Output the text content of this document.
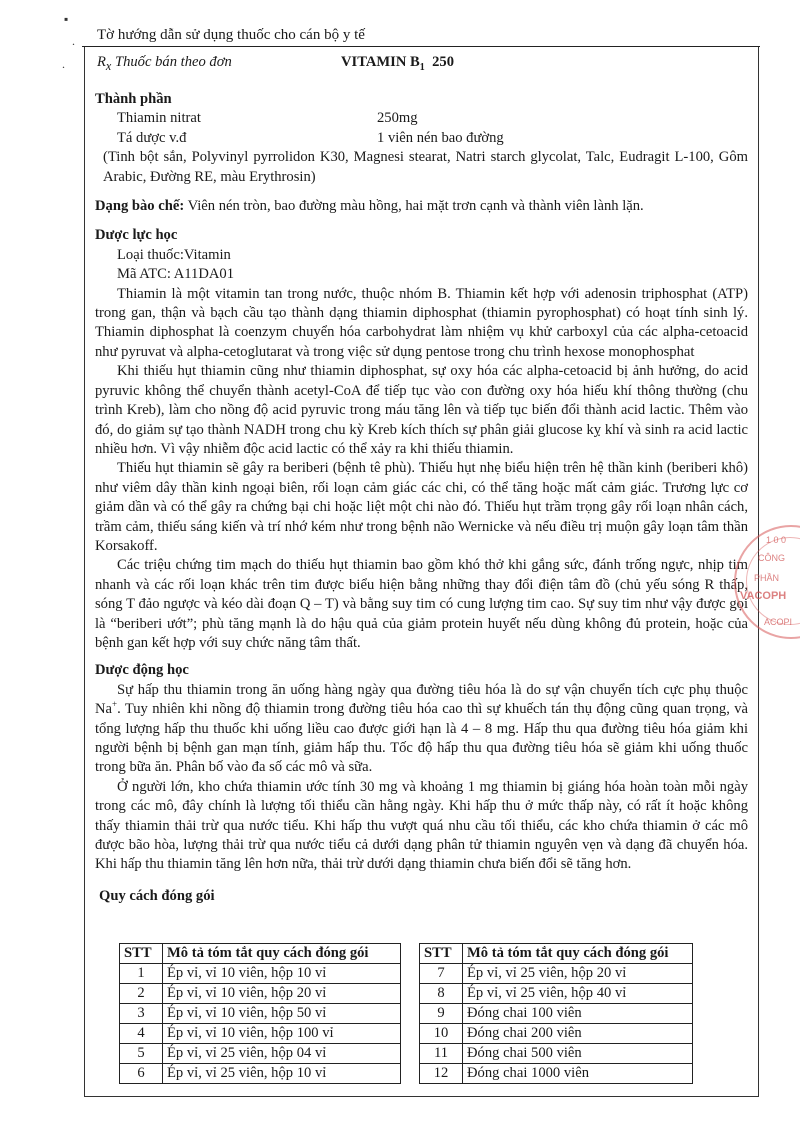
▪
.
.
Tờ hướng dẫn sử dụng thuốc cho cán bộ y tế
$R_x$ Thuốc bán theo đơn	VITAMIN $B_1$  250

Thành phần

Thiamin nitrat	250mg
Tá dược v.đ	1 viên nén bao đường

(Tinh bột sắn, Polyvinyl pyrrolidon K30, Magnesi stearat, Natri starch glycolat, Talc, Eudragit L-100, Gôm Arabic, Đường RE, màu Erythrosin)

Dạng bào chế: Viên nén tròn, bao đường màu hồng, hai mặt trơn cạnh và thành viên lành lặn.

Dược lực học

Loại thuốc:Vitamin

Mã ATC: A11DA01

Thiamin là một vitamin tan trong nước, thuộc nhóm B. Thiamin kết hợp với adenosin triphosphat (ATP) trong gan, thận và bạch cầu tạo thành dạng thiamin diphosphat (thiamin pyrophosphat) có hoạt tính sinh lý. Thiamin diphosphat là coenzym chuyển hóa carbohydrat làm nhiệm vụ khử carboxyl của các alpha-cetoacid như pyruvat và alpha-cetoglutarat và trong việc sử dụng pentose trong chu trình hexose monophosphat

Khi thiếu hụt thiamin cũng như thiamin diphosphat, sự oxy hóa các alpha-cetoacid bị ảnh hưởng, do acid pyruvic không thể chuyển thành acetyl-CoA để tiếp tục vào con đường oxy hóa hiếu khí thông thường (chu trình Kreb), làm cho nồng độ acid pyruvic trong máu tăng lên và tiếp tục biến đổi thành acid lactic. Thêm vào đó, do giảm sự tạo thành NADH trong chu kỳ Kreb kích thích sự phân giải glucose kỵ khí và sinh ra acid lactic nhiều hơn. Vì vậy nhiễm độc acid lactic có thể xảy ra khi thiếu thiamin.

Thiếu hụt thiamin sẽ gây ra beriberi (bệnh tê phù). Thiếu hụt nhẹ biểu hiện trên hệ thần kinh (beriberi khô) như viêm dây thần kinh ngoại biên, rối loạn cảm giác các chi, có thể tăng hoặc mất cảm giác. Trương lực cơ giảm dần và có thể gây ra chứng bại chi hoặc liệt một chi nào đó. Thiếu hụt trầm trọng gây rối loạn nhân cách, trầm cảm, thiếu sáng kiến và trí nhớ kém như trong bệnh não Wernicke và nếu điều trị muộn gây loạn tâm thần Korsakoff.

Các triệu chứng tim mạch do thiếu hụt thiamin bao gồm khó thở khi gắng sức, đánh trống ngực, nhịp tim nhanh và các rối loạn khác trên tim được biểu hiện bằng những thay đổi điện tâm đồ (chủ yếu sóng R thấp, sóng T đảo ngược và kéo dài đoạn Q – T) và bằng suy tim có cung lượng tim cao. Sự suy tim như vậy được gọi là “beriberi ướt”; phù tăng mạnh là do hậu quả của giảm protein huyết nếu dùng không đủ protein, hoặc của bệnh gan kết hợp với suy chức năng tâm thất.

Dược động học

Sự hấp thu thiamin trong ăn uống hàng ngày qua đường tiêu hóa là do sự vận chuyển tích cực phụ thuộc Na+. Tuy nhiên khi nồng độ thiamin trong đường tiêu hóa cao thì sự khuếch tán thụ động cũng quan trọng, và tổng lượng hấp thu thuốc khi uống liều cao được giới hạn là 4 – 8 mg. Hấp thu qua đường tiêu hóa giảm khi người bệnh bị bệnh gan mạn tính, giảm hấp thu. Tốc độ hấp thu qua đường tiêu hóa sẽ giảm khi uống thuốc trong bữa ăn. Phân bố vào đa số các mô và sữa.

Ở người lớn, kho chứa thiamin ước tính 30 mg và khoảng 1 mg thiamin bị giáng hóa hoàn toàn mỗi ngày trong các mô, đây chính là lượng tối thiểu cần hằng ngày. Khi hấp thu ở mức thấp này, có rất ít hoặc không thấy thiamin thải trừ qua nước tiểu. Khi hấp thu vượt quá nhu cầu tối thiểu, các kho chứa thiamin ở các mô được bão hòa, lượng thải trừ qua nước tiểu cả dưới dạng phân tử thiamin nguyên vẹn và dạng đã chuyển hóa. Khi hấp thu thiamin tăng lên hơn nữa, thải trừ dưới dạng thiamin chưa biến đổi sẽ tăng hơn.

Quy cách đóng gói

STT	Mô tả tóm tắt quy cách đóng gói
1	Ép vỉ, vỉ 10 viên, hộp 10 vỉ
2	Ép vỉ, vỉ 10 viên, hộp 20 vỉ
3	Ép vỉ, vỉ 10 viên, hộp 50 vỉ
4	Ép vỉ, vỉ 10 viên, hộp 100 vỉ
5	Ép vỉ, vỉ 25 viên, hộp 04 vỉ
6	Ép vỉ, vỉ 25 viên, hộp 10 vỉ
STT	Mô tả tóm tắt quy cách đóng gói
7	Ép vỉ, vỉ 25 viên, hộp 20 vỉ
8	Ép vỉ, vỉ 25 viên, hộp 40 vỉ
9	Đóng chai 100 viên
10	Đóng chai 200 viên
11	Đóng chai 500 viên
12	Đóng chai 1000 viên
1 0 0
CÔNG
PHẦN
VACOPH
ACOPI
